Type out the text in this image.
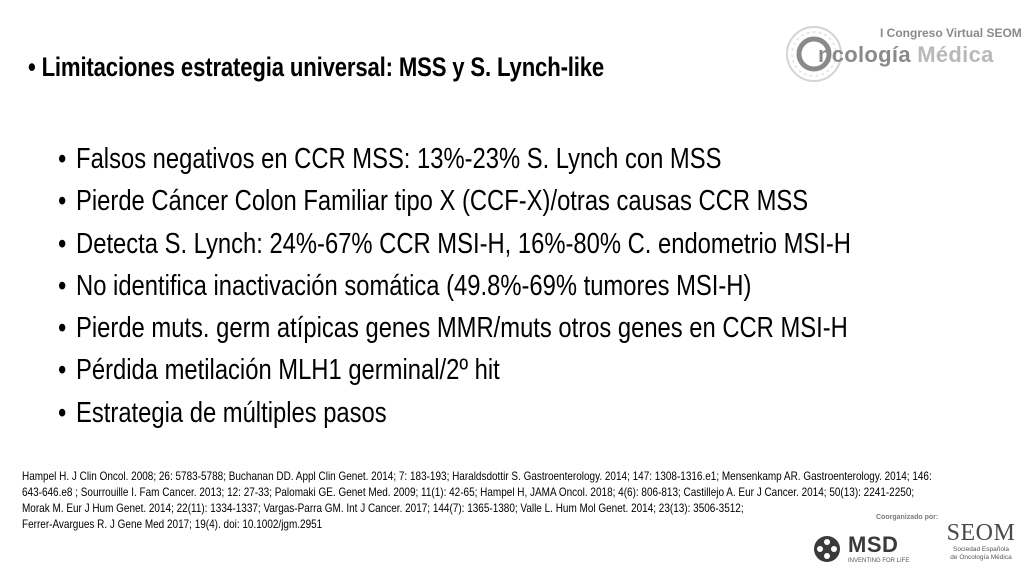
I Congreso Virtual SEOM
ncología Médica
• Limitaciones estrategia universal: MSS y S. Lynch-like
• Falsos negativos en CCR MSS: 13%-23% S. Lynch con MSS
• Pierde Cáncer Colon Familiar tipo X (CCF-X)/otras causas CCR MSS
• Detecta S. Lynch: 24%-67% CCR MSI-H, 16%-80% C. endometrio MSI-H
• No identifica inactivación somática (49.8%-69% tumores MSI-H)
• Pierde muts. germ atípicas genes MMR/muts otros genes en CCR MSI-H
• Pérdida metilación MLH1 germinal/2º hit
• Estrategia de múltiples pasos
Hampel H. J Clin Oncol. 2008; 26: 5783-5788; Buchanan DD. Appl Clin Genet. 2014; 7: 183-193; Haraldsdottir S. Gastroenterology. 2014; 147: 1308-1316.e1; Mensenkamp AR. Gastroenterology. 2014; 146:
643-646.e8 ; Sourrouille I. Fam Cancer. 2013; 12: 27-33; Palomaki GE. Genet Med. 2009; 11(1): 42-65; Hampel H, JAMA Oncol. 2018; 4(6): 806-813; Castillejo A. Eur J Cancer. 2014; 50(13): 2241-2250;
Morak M. Eur J Hum Genet. 2014; 22(11): 1334-1337; Vargas-Parra GM. Int J Cancer. 2017; 144(7): 1365-1380; Valle L. Hum Mol Genet. 2014; 23(13): 3506-3512;
Ferrer-Avargues R. J Gene Med 2017; 19(4). doi: 10.1002/jgm.2951
Coorganizado por:
MSD
INVENTING FOR LIFE
SEOM
Sociedad Española
de Oncología Médica
